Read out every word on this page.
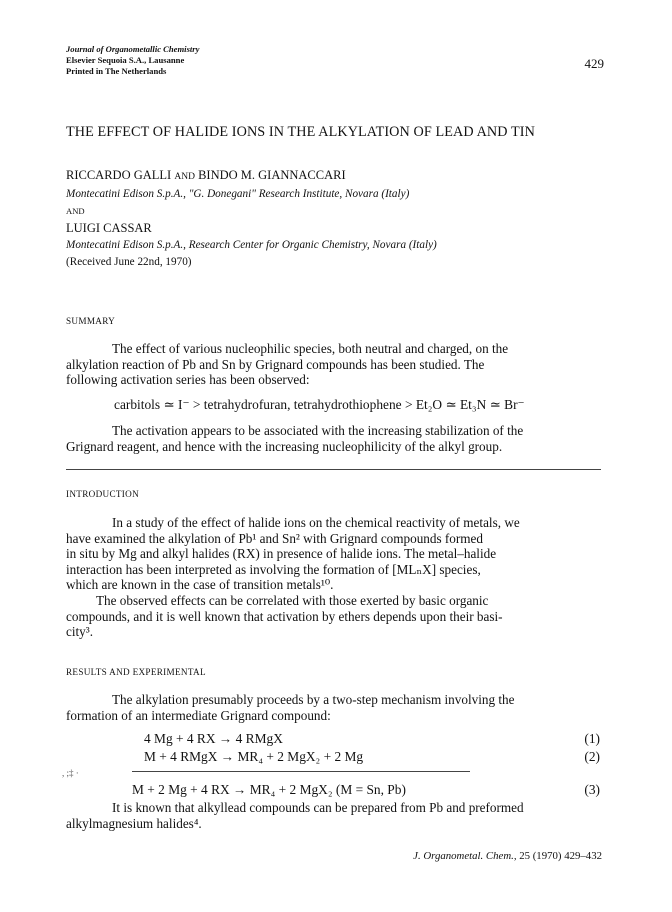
Journal of Organometallic Chemistry
Elsevier Sequoia S.A., Lausanne
Printed in The Netherlands	429
THE EFFECT OF HALIDE IONS IN THE ALKYLATION OF LEAD AND TIN
RICCARDO GALLI AND BINDO M. GIANNACCARI
Montecatini Edison S.p.A., "G. Donegani" Research Institute, Novara (Italy)
AND
LUIGI CASSAR
Montecatini Edison S.p.A., Research Center for Organic Chemistry, Novara (Italy)
(Received June 22nd, 1970)
SUMMARY
The effect of various nucleophilic species, both neutral and charged, on the
alkylation reaction of Pb and Sn by Grignard compounds has been studied. The
following activation series has been observed:
carbitols ≃ I⁻ > tetrahydrofuran, tetrahydrothiophene > Et₂O ≃ Et₃N ≃ Br⁻
The activation appears to be associated with the increasing stabilization of the
Grignard reagent, and hence with the increasing nucleophilicity of the alkyl group.
INTRODUCTION
In a study of the effect of halide ions on the chemical reactivity of metals, we
have examined the alkylation of Pb¹ and Sn² with Grignard compounds formed
in situ by Mg and alkyl halides (RX) in presence of halide ions. The metal–halide
interaction has been interpreted as involving the formation of [MLₙX] species,
which are known in the case of transition metals¹⁰.
The observed effects can be correlated with those exerted by basic organic
compounds, and it is well known that activation by ethers depends upon their basi-
city³.
RESULTS AND EXPERIMENTAL
The alkylation presumably proceeds by a two-step mechanism involving the
formation of an intermediate Grignard compound:
, ;‡ ·
4 Mg + 4 RX → 4 RMgX	(1)
M + 4 RMgX → MR₄ + 2 MgX₂ + 2 Mg	(2)
M + 2 Mg + 4 RX → MR₄ + 2 MgX₂ (M = Sn, Pb)	(3)
It is known that alkyllead compounds can be prepared from Pb and preformed
alkylmagnesium halides⁴.
J. Organometal. Chem., 25 (1970) 429–432
